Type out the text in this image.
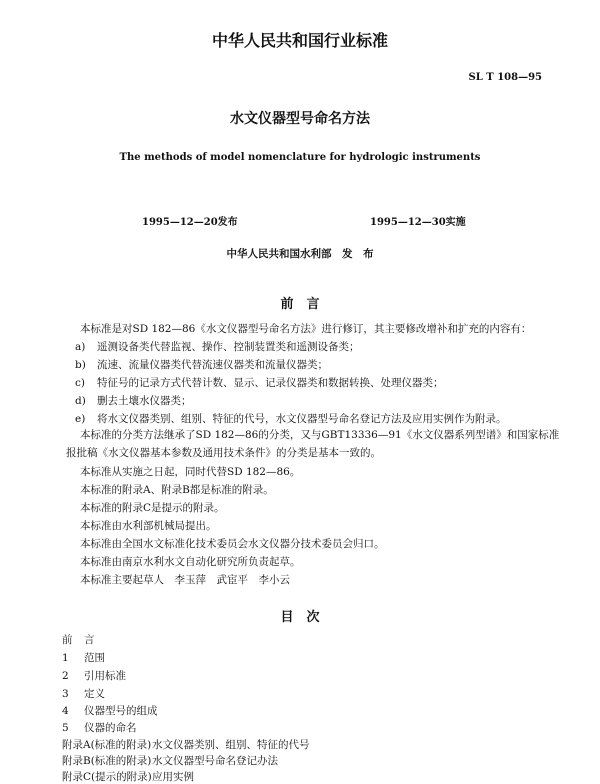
中华人民共和国行业标准
SL T 108—95
水文仪器型号命名方法
The methods of model nomenclature for hydrologic instruments
1995—12—20发布	1995—12—30实施
中华人民共和国水利部　发　布
前　言
本标准是对SD 182—86《水文仪器型号命名方法》进行修订，其主要修改增补和扩充的内容有：
a) 遥测设备类代替监视、操作、控制装置类和遥测设备类；
b) 流速、流量仪器类代替流速仪器类和流量仪器类；
c) 特征号的记录方式代替计数、显示、记录仪器类和数据转换、处理仪器类；
d) 删去土壤水仪器类；
e) 将水文仪器类别、组别、特征的代号，水文仪器型号命名登记方法及应用实例作为附录。
本标准的分类方法继承了SD 182—86的分类，又与GBT13336—91《水文仪器系列型谱》和国家标准
报批稿《水文仪器基本参数及通用技术条件》的分类是基本一致的。
本标准从实施之日起，同时代替SD 182—86。
本标准的附录A、附录B都是标准的附录。
本标准的附录C是提示的附录。
本标准由水利部机械局提出。
本标准由全国水文标准化技术委员会水文仪器分技术委员会归口。
本标准由南京水利水文自动化研究所负责起草。
本标准主要起草人　李玉萍　武宦平　李小云
目　次
前 言
1 范围
2 引用标准
3 定义
4 仪器型号的组成
5 仪器的命名
附录A(标准的附录)水文仪器类别、组别、特征的代号
附录B(标准的附录)水文仪器型号命名登记办法
附录C(提示的附录)应用实例
